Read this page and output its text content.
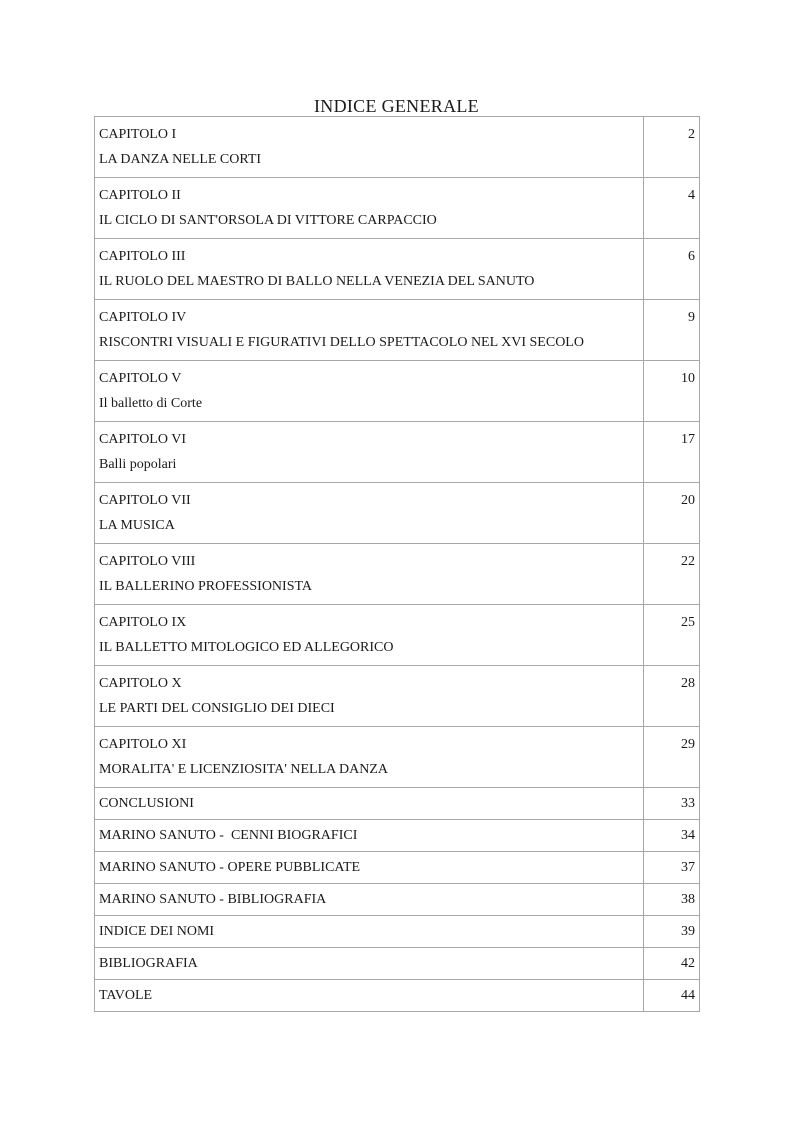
INDICE GENERALE
CAPITOLO I
LA DANZA NELLE CORTI	2

CAPITOLO II
IL CICLO DI SANT'ORSOLA DI VITTORE CARPACCIO	4

CAPITOLO III
IL RUOLO DEL MAESTRO DI BALLO NELLA VENEZIA DEL SANUTO	6

CAPITOLO IV
RISCONTRI VISUALI E FIGURATIVI DELLO SPETTACOLO NEL XVI SECOLO	9

CAPITOLO V
Il balletto di Corte	10

CAPITOLO VI
Balli popolari	17

CAPITOLO VII
LA MUSICA	20

CAPITOLO VIII
IL BALLERINO PROFESSIONISTA	22

CAPITOLO IX
IL BALLETTO MITOLOGICO ED ALLEGORICO	25

CAPITOLO X
LE PARTI DEL CONSIGLIO DEI DIECI	28

CAPITOLO XI
MORALITA' E LICENZIOSITA' NELLA DANZA	29
CONCLUSIONI	33
MARINO SANUTO -  CENNI BIOGRAFICI	34
MARINO SANUTO - OPERE PUBBLICATE	37
MARINO SANUTO - BIBLIOGRAFIA	38
INDICE DEI NOMI	39
BIBLIOGRAFIA	42
TAVOLE	44
